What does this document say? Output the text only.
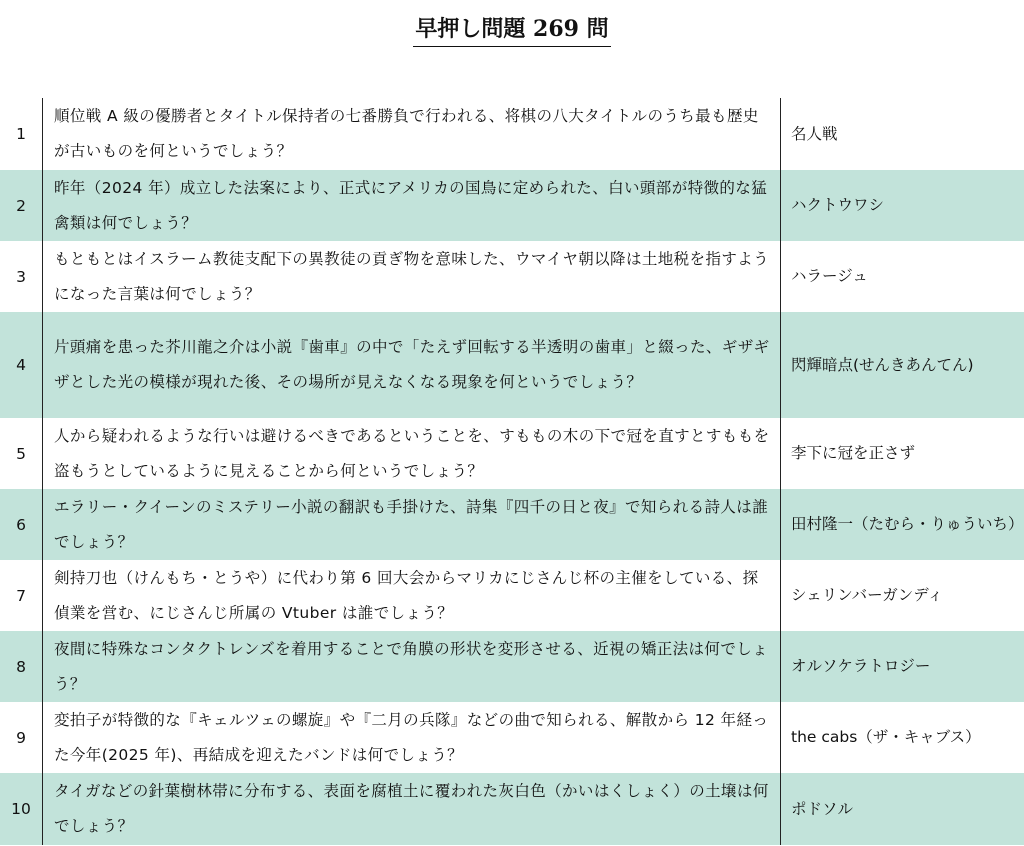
早押し問題 269 問
1	順位戦 A 級の優勝者とタイトル保持者の七番勝負で行われる、将棋の八大タイトルのうち最も歴史が古いものを何というでしょう？	名人戦
2	昨年（2024 年）成立した法案により、正式にアメリカの国鳥に定められた、白い頭部が特徴的な猛禽類は何でしょう？	ハクトウワシ
3	もともとはイスラーム教徒支配下の異教徒の貢ぎ物を意味した、ウマイヤ朝以降は土地税を指すようになった言葉は何でしょう？	ハラージュ
4	片頭痛を患った芥川龍之介は小説『歯車』の中で「たえず回転する半透明の歯車」と綴った、ギザギザとした光の模様が現れた後、その場所が見えなくなる現象を何というでしょう？	閃輝暗点(せんきあんてん)
5	人から疑われるような行いは避けるべきであるということを、すももの木の下で冠を直すとすももを盗もうとしているように見えることから何というでしょう？	李下に冠を正さず
6	エラリー・クイーンのミステリー小説の翻訳も手掛けた、詩集『四千の日と夜』で知られる詩人は誰でしょう？	田村隆一（たむら・りゅういち）
7	剣持刀也（けんもち・とうや）に代わり第 6 回大会からマリカにじさんじ杯の主催をしている、探偵業を営む、にじさんじ所属の Vtuber は誰でしょう？	シェリンバーガンディ
8	夜間に特殊なコンタクトレンズを着用することで角膜の形状を変形させる、近視の矯正法は何でしょう？	オルソケラトロジー
9	変拍子が特徴的な『キェルツェの螺旋』や『二月の兵隊』などの曲で知られる、解散から 12 年経った今年(2025 年)、再結成を迎えたバンドは何でしょう？	the cabs（ザ・キャブス）
10	タイガなどの針葉樹林帯に分布する、表面を腐植土に覆われた灰白色（かいはくしょく）の土壌は何でしょう？	ポドソル
